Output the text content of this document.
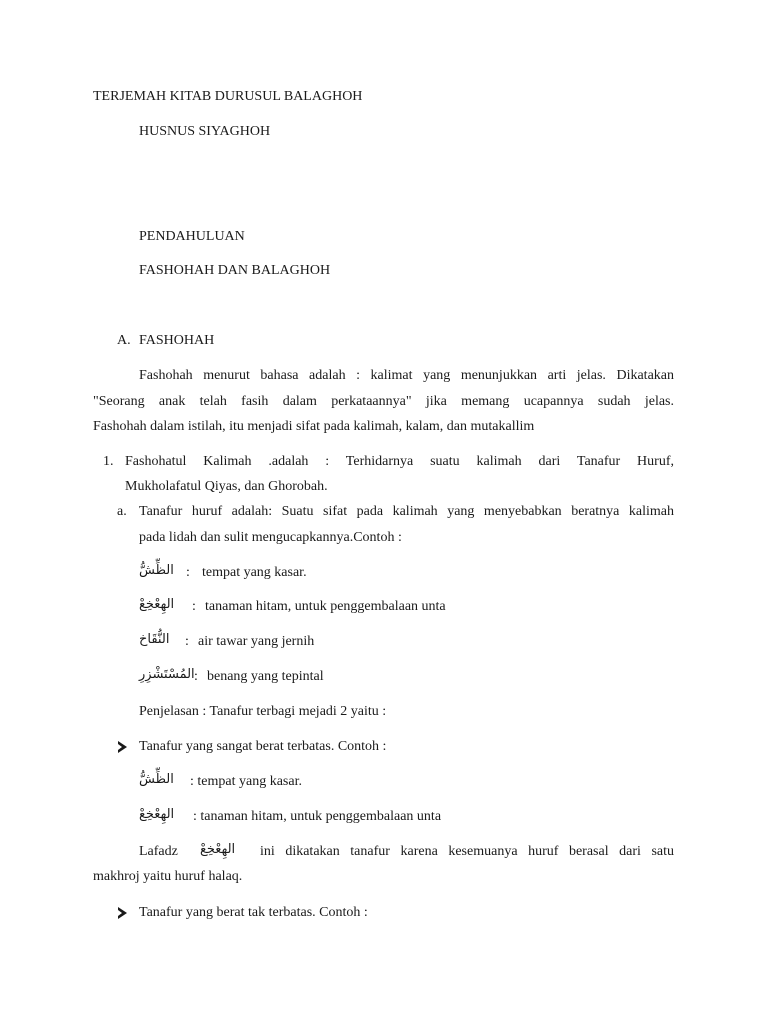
TERJEMAH KITAB DURUSUL BALAGHOH
HUSNUS SIYAGHOH
PENDAHULUAN
FASHOHAH DAN BALAGHOH
A. FASHOHAH
Fashohah menurut bahasa adalah : kalimat yang menunjukkan arti jelas. Dikatakan
"Seorang anak telah fasih dalam perkataannya" jika memang ucapannya sudah jelas.
Fashohah dalam istilah, itu menjadi sifat pada kalimah, kalam, dan mutakallim
1. Fashohatul Kalimah .adalah : Terhidarnya suatu kalimah dari Tanafur Huruf,
Mukholafatul Qiyas, dan Ghorobah.
a. Tanafur huruf adalah: Suatu sifat pada kalimah yang menyebabkan beratnya kalimah
pada lidah dan sulit mengucapkannya.Contoh :
الظِّشُّ : tempat yang kasar.
الهِعْخِعْ : tanaman hitam, untuk penggembalaan unta
النُّقَاخ : air tawar yang jernih
المُسْتَشْزِرِ : benang yang tepintal
Penjelasan : Tanafur terbagi mejadi 2 yaitu :
Tanafur yang sangat berat terbatas. Contoh :
الظِّشُّ : tempat yang kasar.
الهِعْخِعْ : tanaman hitam, untuk penggembalaan unta
Lafadz الهِعْخِعْ ini dikatakan tanafur karena kesemuanya huruf berasal dari satu
makhroj yaitu huruf halaq.
Tanafur yang berat tak terbatas. Contoh :
